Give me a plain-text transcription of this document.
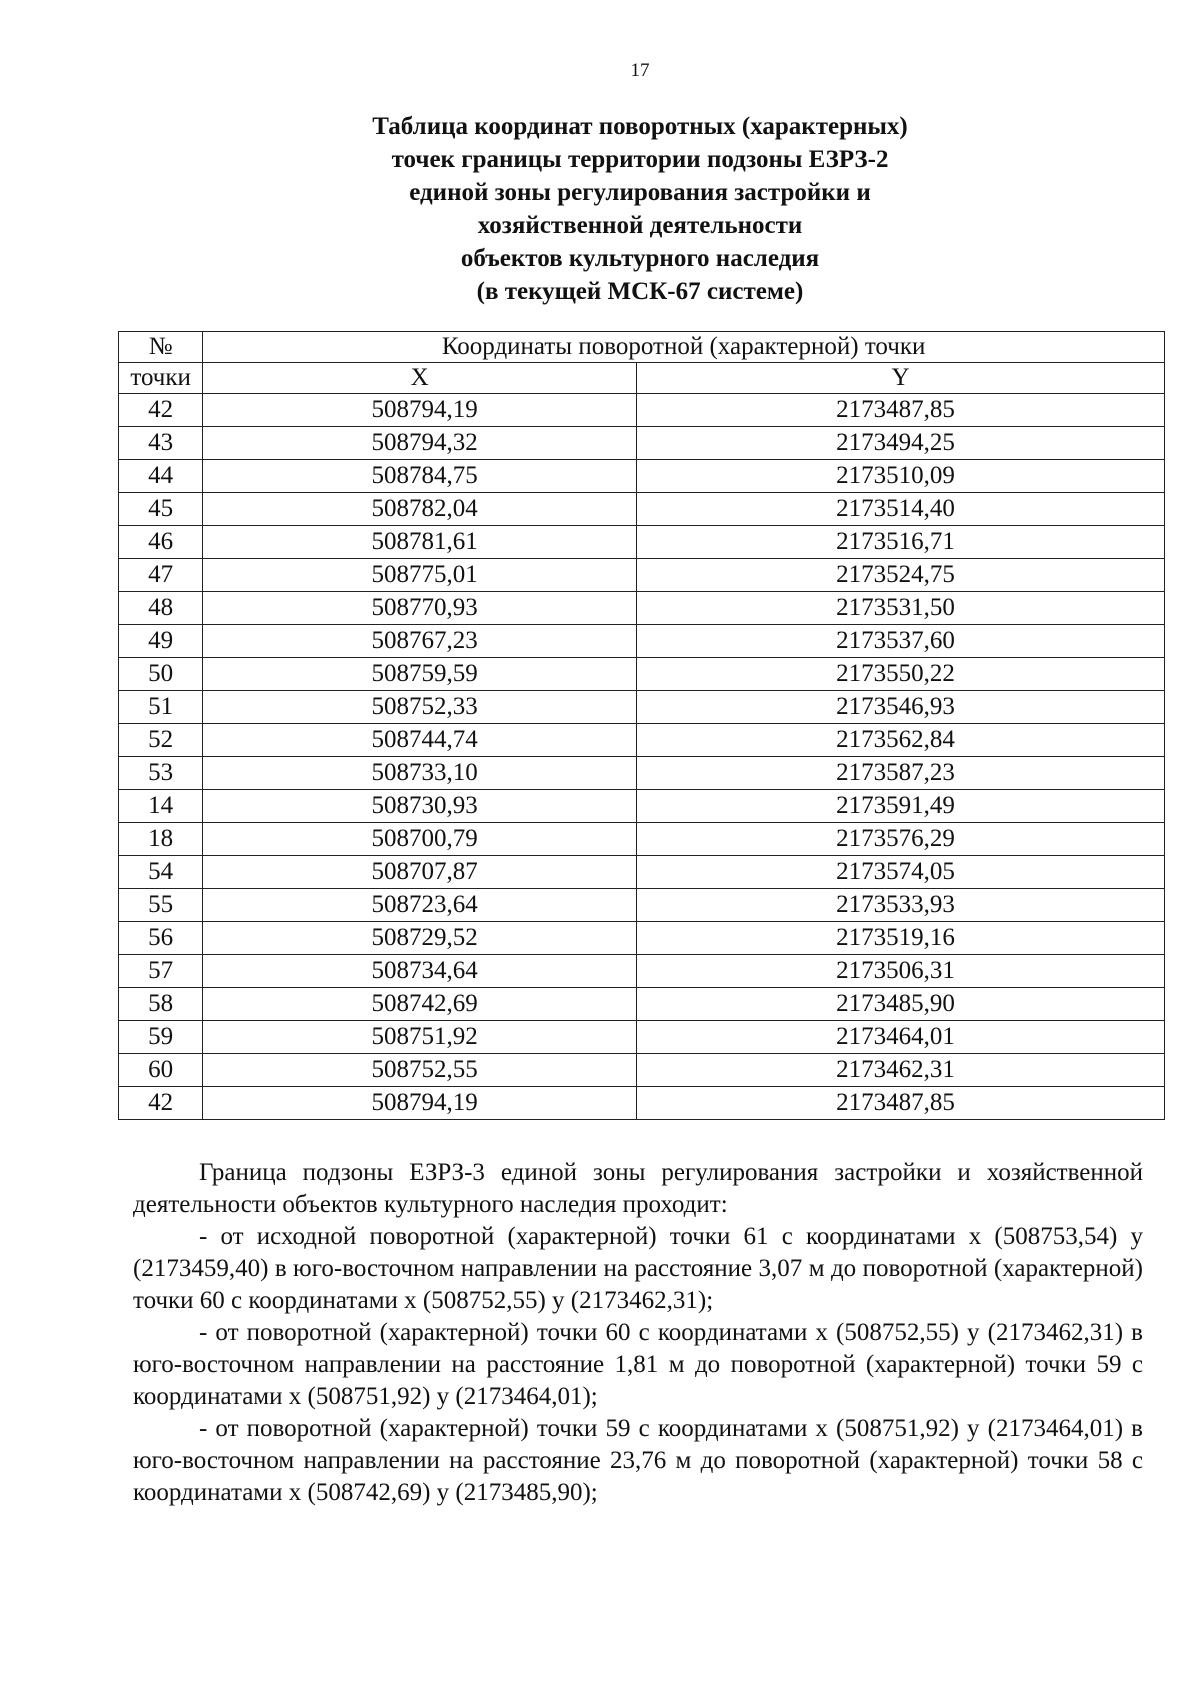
17
Таблица координат поворотных (характерных)
точек границы территории подзоны ЕЗРЗ-2
единой зоны регулирования застройки и
хозяйственной деятельности
объектов культурного наследия
(в текущей МСК-67 системе)
№	Координаты поворотной (характерной) точки	
точки	X	Y
42	508794,19	2173487,85
43	508794,32	2173494,25
44	508784,75	2173510,09
45	508782,04	2173514,40
46	508781,61	2173516,71
47	508775,01	2173524,75
48	508770,93	2173531,50
49	508767,23	2173537,60
50	508759,59	2173550,22
51	508752,33	2173546,93
52	508744,74	2173562,84
53	508733,10	2173587,23
14	508730,93	2173591,49
18	508700,79	2173576,29
54	508707,87	2173574,05
55	508723,64	2173533,93
56	508729,52	2173519,16
57	508734,64	2173506,31
58	508742,69	2173485,90
59	508751,92	2173464,01
60	508752,55	2173462,31
42	508794,19	2173487,85

Граница подзоны ЕЗРЗ-3 единой зоны регулирования застройки и хозяйственной деятельности объектов культурного наследия проходит:

- от исходной поворотной (характерной) точки 61 с координатами х (508753,54) у (2173459,40) в юго-восточном направлении на расстояние 3,07 м до поворотной (характерной) точки 60 с координатами х (508752,55) у (2173462,31);

- от поворотной (характерной) точки 60 с координатами х (508752,55) у (2173462,31) в юго-восточном направлении на расстояние 1,81 м до поворотной (характерной) точки 59 с координатами х (508751,92) у (2173464,01);

- от поворотной (характерной) точки 59 с координатами х (508751,92) у (2173464,01) в юго-восточном направлении на расстояние 23,76 м до поворотной (характерной) точки 58 с координатами х (508742,69) у (2173485,90);
